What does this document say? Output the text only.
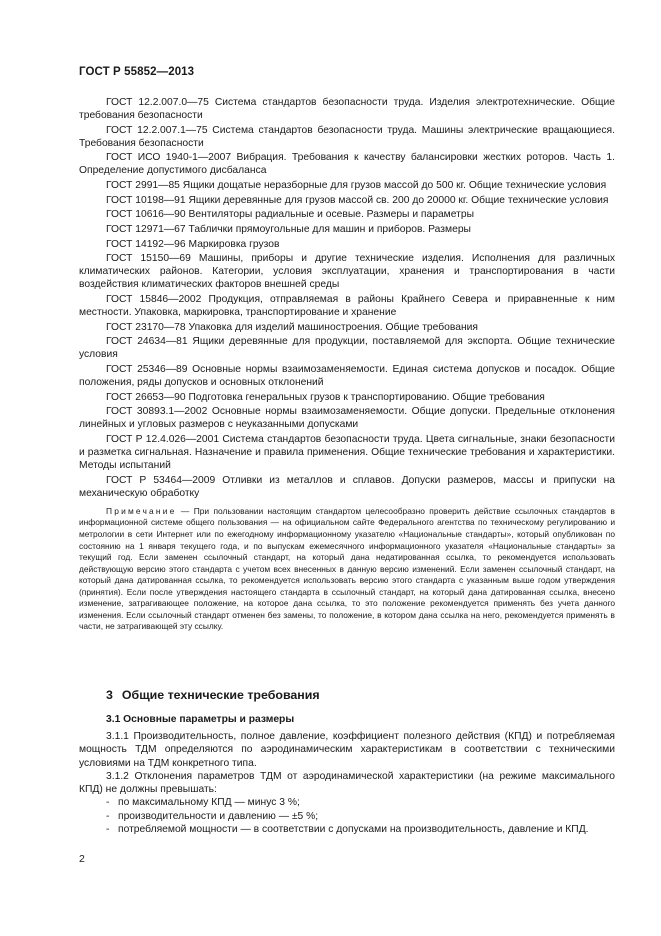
ГОСТ Р 55852—2013

ГОСТ 12.2.007.0—75 Система стандартов безопасности труда. Изделия электротехнические. Общие требования безопасности

ГОСТ 12.2.007.1—75 Система стандартов безопасности труда. Машины электрические вращающиеся. Требования безопасности

ГОСТ ИСО 1940-1—2007 Вибрация. Требования к качеству балансировки жестких роторов. Часть 1. Определение допустимого дисбаланса

ГОСТ 2991—85 Ящики дощатые неразборные для грузов массой до 500 кг. Общие технические условия

ГОСТ 10198—91 Ящики деревянные для грузов массой св. 200 до 20000 кг. Общие технические условия

ГОСТ 10616—90 Вентиляторы радиальные и осевые. Размеры и параметры

ГОСТ 12971—67 Таблички прямоугольные для машин и приборов. Размеры

ГОСТ 14192—96 Маркировка грузов

ГОСТ 15150—69 Машины, приборы и другие технические изделия. Исполнения для различных климатических районов. Категории, условия эксплуатации, хранения и транспортирования в части воздействия климатических факторов внешней среды

ГОСТ 15846—2002 Продукция, отправляемая в районы Крайнего Севера и приравненные к ним местности. Упаковка, маркировка, транспортирование и хранение

ГОСТ 23170—78 Упаковка для изделий машиностроения. Общие требования

ГОСТ 24634—81 Ящики деревянные для продукции, поставляемой для экспорта. Общие технические условия

ГОСТ 25346—89 Основные нормы взаимозаменяемости. Единая система допусков и посадок. Общие положения, ряды допусков и основных отклонений

ГОСТ 26653—90 Подготовка генеральных грузов к транспортированию. Общие требования

ГОСТ 30893.1—2002 Основные нормы взаимозаменяемости. Общие допуски. Предельные отклонения линейных и угловых размеров с неуказанными допусками

ГОСТ Р 12.4.026—2001 Система стандартов безопасности труда. Цвета сигнальные, знаки безопасности и разметка сигнальная. Назначение и правила применения. Общие технические требования и характеристики. Методы испытаний

ГОСТ Р 53464—2009 Отливки из металлов и сплавов. Допуски размеров, массы и припуски на механическую обработку

Примечание — При пользовании настоящим стандартом целесообразно проверить действие ссылочных стандартов в информационной системе общего пользования — на официальном сайте Федерального агентства по техническому регулированию и метрологии в сети Интернет или по ежегодному информационному указателю «Национальные стандарты», который опубликован по состоянию на 1 января текущего года, и по выпускам ежемесячного информационного указателя «Национальные стандарты» за текущий год. Если заменен ссылочный стандарт, на который дана недатированная ссылка, то рекомендуется использовать действующую версию этого стандарта с учетом всех внесенных в данную версию изменений. Если заменен ссылочный стандарт, на который дана датированная ссылка, то рекомендуется использовать версию этого стандарта с указанным выше годом утверждения (принятия). Если после утверждения настоящего стандарта в ссылочный стандарт, на который дана датированная ссылка, внесено изменение, затрагивающее положение, на которое дана ссылка, то это положение рекомендуется применять без учета данного изменения. Если ссылочный стандарт отменен без замены, то положение, в котором дана ссылка на него, рекомендуется применять в части, не затрагивающей эту ссылку.

3 Общие технические требования

3.1 Основные параметры и размеры

3.1.1 Производительность, полное давление, коэффициент полезного действия (КПД) и потребляемая мощность ТДМ определяются по аэродинамическим характеристикам в соответствии с техническими условиями на ТДМ конкретного типа.

3.1.2 Отклонения параметров ТДМ от аэродинамической характеристики (на режиме максимального КПД) не должны превышать:

- по максимальному КПД — минус 3 %;

- производительности и давлению — ±5 %;

- потребляемой мощности — в соответствии с допусками на производительность, давление и КПД.

2
